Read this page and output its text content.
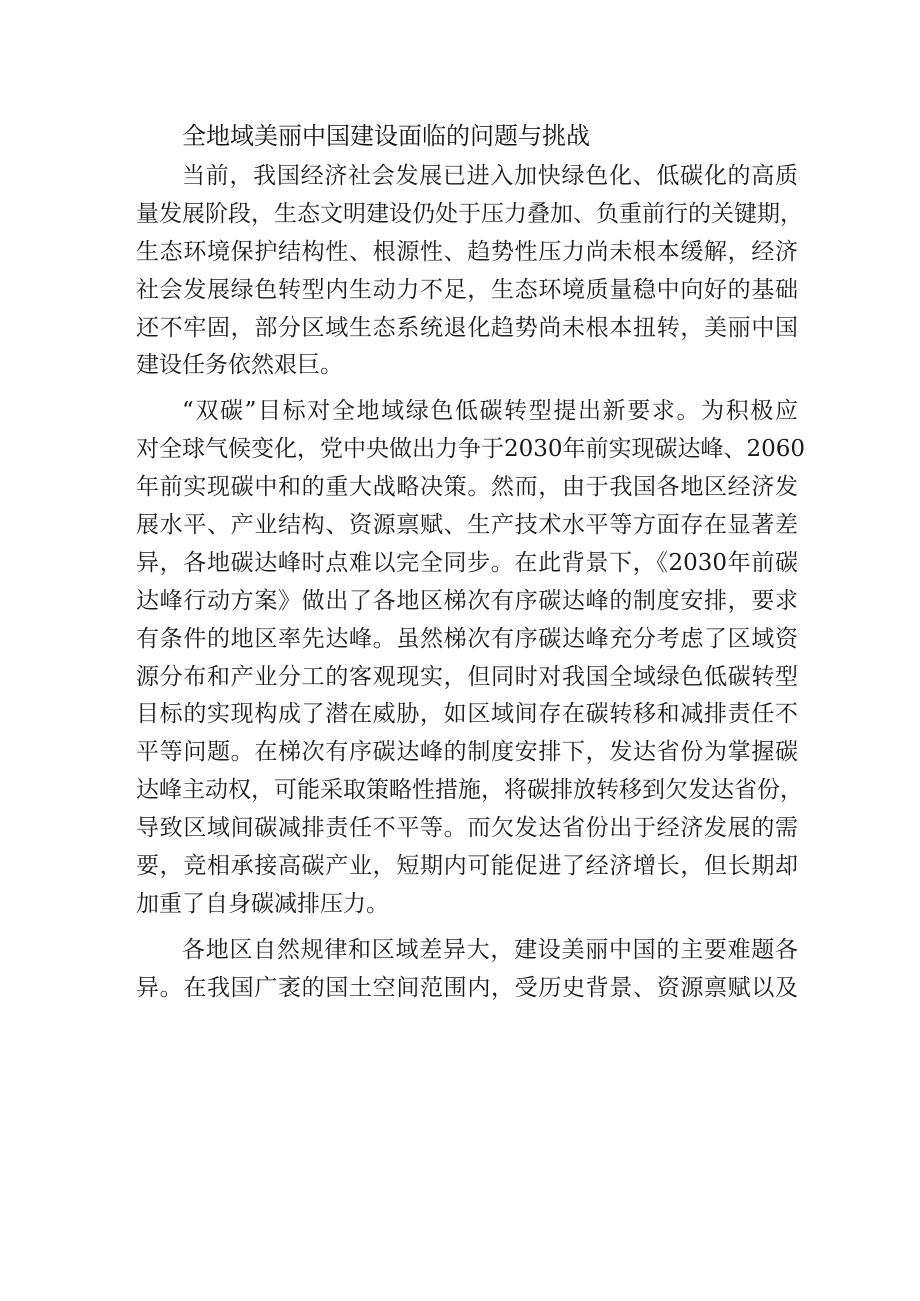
全地域美丽中国建设面临的问题与挑战

当前，我国经济社会发展已进入加快绿色化、低碳化的高质
量发展阶段，生态文明建设仍处于压力叠加、负重前行的关键期，
生态环境保护结构性、根源性、趋势性压力尚未根本缓解，经济
社会发展绿色转型内生动力不足，生态环境质量稳中向好的基础
还不牢固，部分区域生态系统退化趋势尚未根本扭转，美丽中国
建设任务依然艰巨。

“双碳”目标对全地域绿色低碳转型提出新要求。为积极应
对全球气候变化，党中央做出力争于2030年前实现碳达峰、2060
年前实现碳中和的重大战略决策。然而，由于我国各地区经济发
展水平、产业结构、资源禀赋、生产技术水平等方面存在显著差
异，各地碳达峰时点难以完全同步。在此背景下，《2030年前碳
达峰行动方案》做出了各地区梯次有序碳达峰的制度安排，要求
有条件的地区率先达峰。虽然梯次有序碳达峰充分考虑了区域资
源分布和产业分工的客观现实，但同时对我国全域绿色低碳转型
目标的实现构成了潜在威胁，如区域间存在碳转移和减排责任不
平等问题。在梯次有序碳达峰的制度安排下，发达省份为掌握碳
达峰主动权，可能采取策略性措施，将碳排放转移到欠发达省份，
导致区域间碳减排责任不平等。而欠发达省份出于经济发展的需
要，竞相承接高碳产业，短期内可能促进了经济增长，但长期却
加重了自身碳减排压力。

各地区自然规律和区域差异大，建设美丽中国的主要难题各
异。在我国广袤的国土空间范围内，受历史背景、资源禀赋以及
